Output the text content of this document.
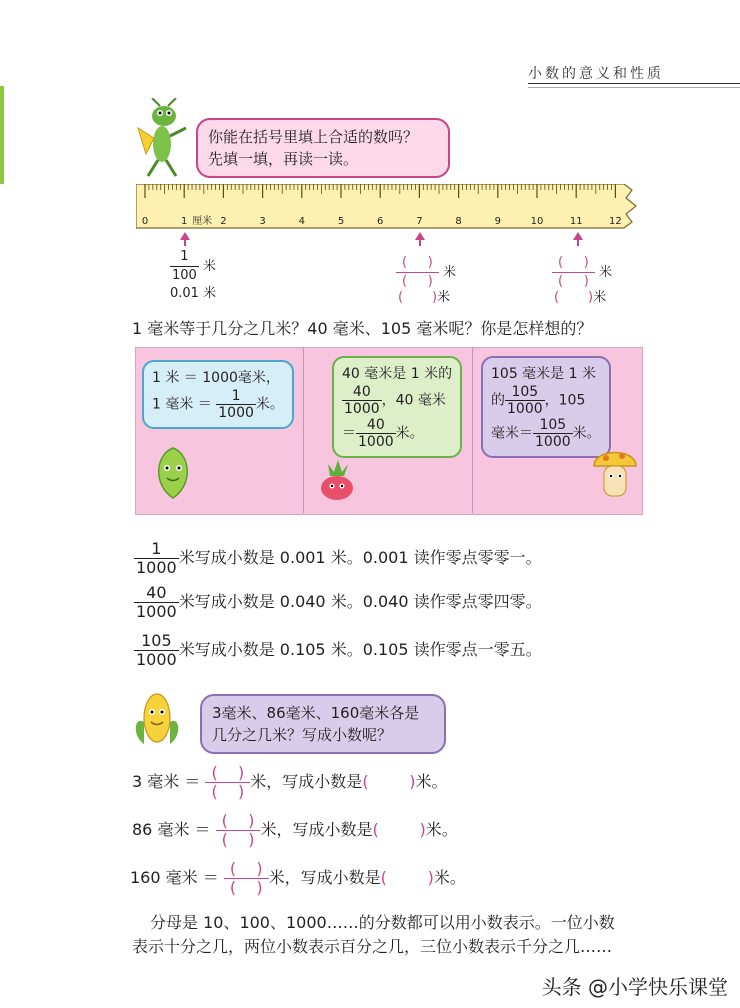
小数的意义和性质
你能在括号里填上合适的数吗？
先填一填，再读一读。
0	1	2	3	4	5	6	7	8	9	10	11	12
厘米
$\frac{1}{100}$ 米
0.01 米
$\frac{( )}{( )}$ 米
( )米
$\frac{( )}{( )}$ 米
( )米
1 毫米等于几分之几米？40 毫米、105 毫米呢？你是怎样想的？
1 米 ＝ 1000毫米，
1 毫米 ＝ $\frac{1}{1000}$ 米。
40 毫米是 1 米的
$\frac{40}{1000}$ ，40 毫米
＝ $\frac{40}{1000}$ 米。
105 毫米是 1 米
的 $\frac{105}{1000}$ ，105
毫米＝ $\frac{105}{1000}$ 米。
$\frac{1}{1000}$ 米写成小数是 0.001 米。0.001 读作零点零零一。
$\frac{40}{1000}$ 米写成小数是 0.040 米。0.040 读作零点零四零。
$\frac{105}{1000}$ 米写成小数是 0.105 米。0.105 读作零点一零五。
3毫米、86毫米、160毫米各是
几分之几米？写成小数呢？
3 毫米 ＝ $\frac{( )}{( )}$ 米，写成小数是(	)米。
86 毫米 ＝ $\frac{( )}{( )}$ 米，写成小数是(	)米。
160 毫米 ＝ $\frac{( )}{( )}$ 米，写成小数是(	)米。
分母是 10、100、1000……的分数都可以用小数表示。一位小数
表示十分之几，两位小数表示百分之几，三位小数表示千分之几……
头条 @小学快乐课堂
